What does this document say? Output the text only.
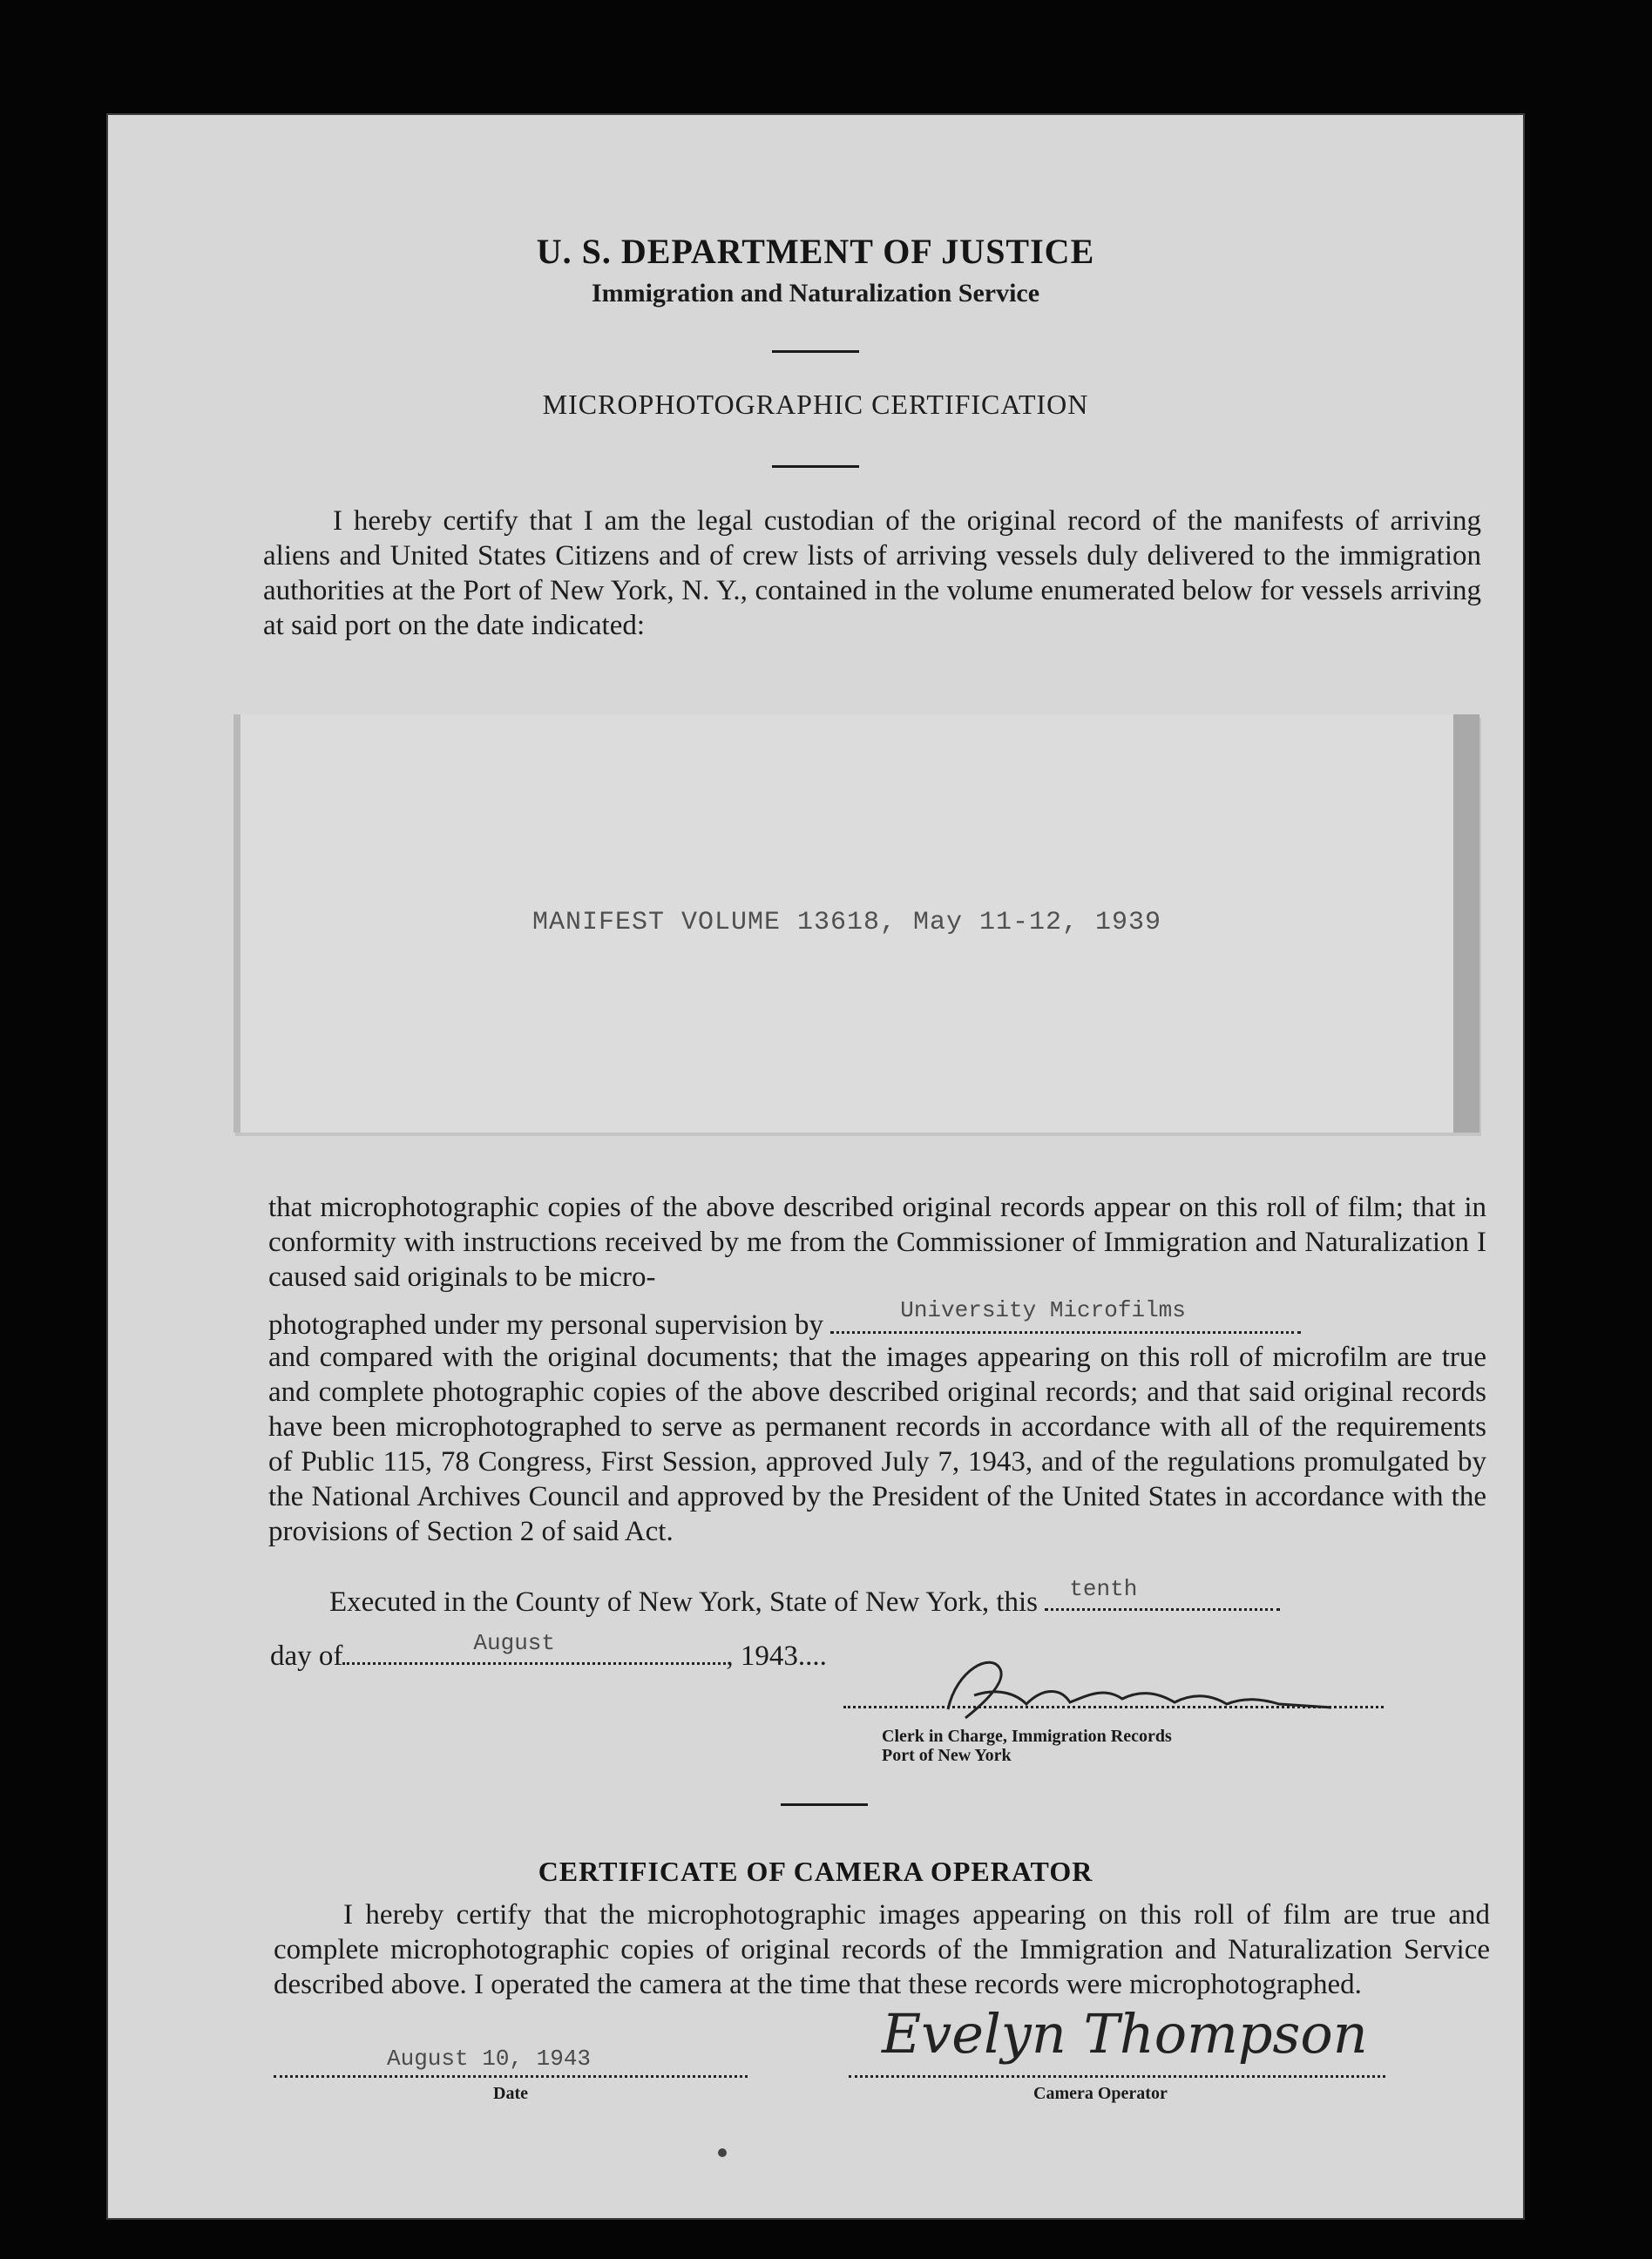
U. S. DEPARTMENT OF JUSTICE
Immigration and Naturalization Service
MICROPHOTOGRAPHIC CERTIFICATION
I hereby certify that I am the legal custodian of the original record of the manifests of arriving aliens and United States Citizens and of crew lists of arriving vessels duly delivered to the immigration authorities at the Port of New York, N. Y., contained in the volume enumerated below for vessels arriving at said port on the date indicated:
MANIFEST VOLUME 13618, May 11-12, 1939
that microphotographic copies of the above described original records appear on this roll of film; that in conformity with instructions received by me from the Commissioner of Immigration and Naturalization I caused said originals to be micro-
photographed under my personal supervision by	University Microfilms
and compared with the original documents; that the images appearing on this roll of microfilm are true and complete photographic copies of the above described original records; and that said original records have been microphotographed to serve as permanent records in accordance with all of the requirements of Public 115, 78 Congress, First Session, approved July 7, 1943, and of the regulations promulgated by the National Archives Council and approved by the President of the United States in accordance with the provisions of Section 2 of said Act.
Executed in the County of New York, State of New York, this tenth
day of	August	, 1943....
Clerk in Charge, Immigration Records
Port of New York
CERTIFICATE OF CAMERA OPERATOR
I hereby certify that the microphotographic images appearing on this roll of film are true and complete microphotographic copies of original records of the Immigration and Naturalization Service described above. I operated the camera at the time that these records were microphotographed.
August 10, 1943
Date
Evelyn Thompson
Camera Operator
